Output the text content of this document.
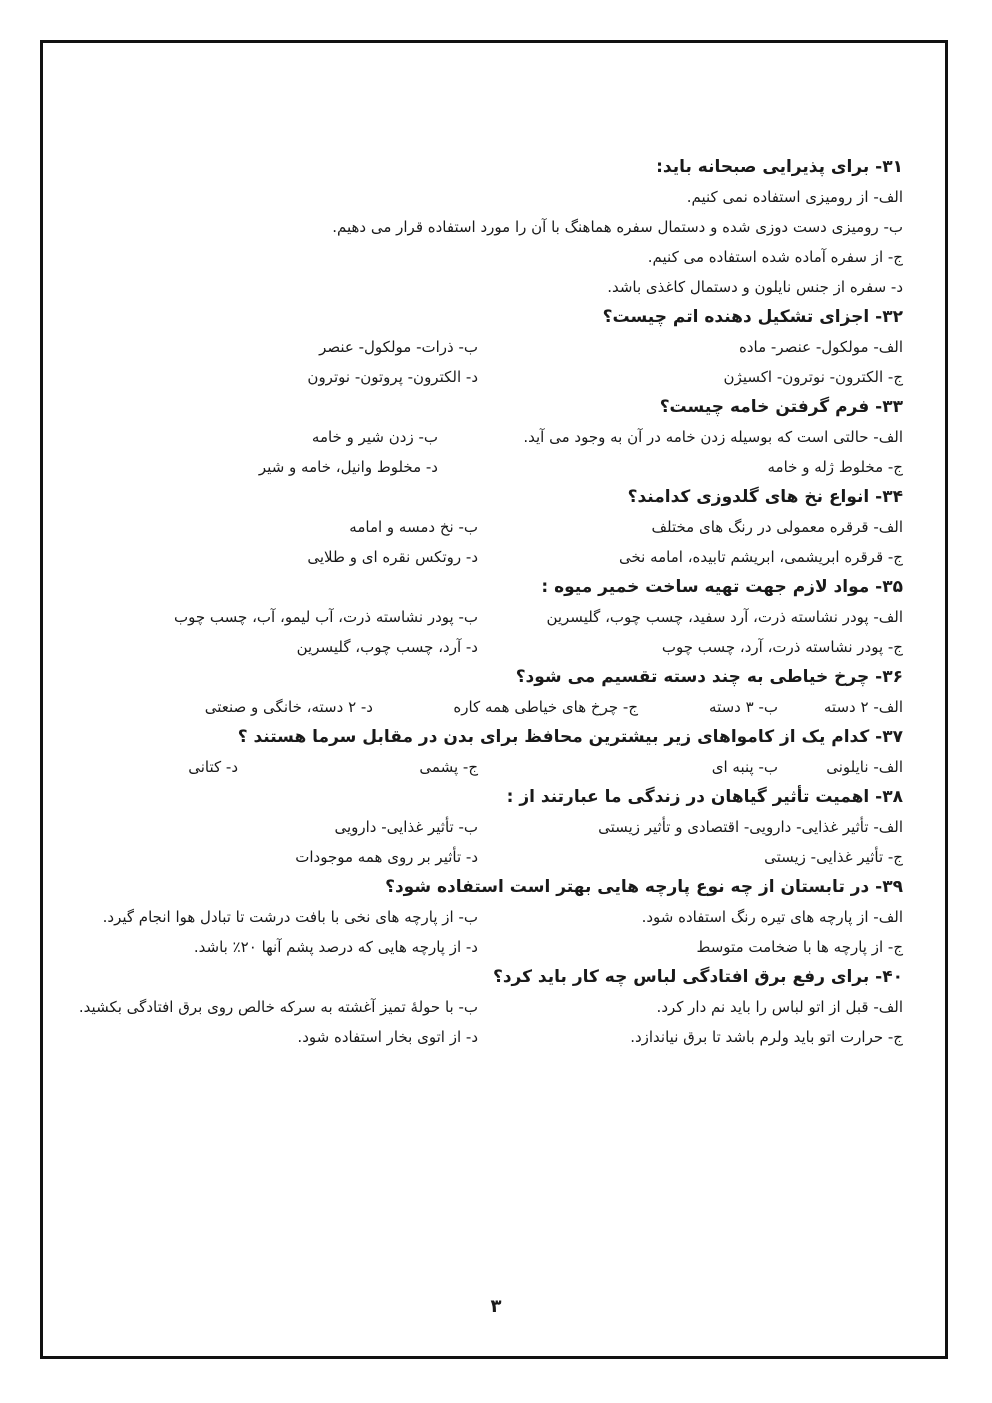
۳۱- برای پذیرایی صبحانه باید:
الف- از رومیزی استفاده نمی کنیم.
ب- رومیزی دست دوزی شده و دستمال سفره هماهنگ با آن را مورد استفاده قرار می دهیم.
ج- از سفره آماده شده استفاده می کنیم.
د- سفره از جنس نایلون و دستمال کاغذی باشد.
۳۲- اجزای تشکیل دهنده اتم چیست؟
الف- مولکول- عنصر- ماده
ب- ذرات- مولکول- عنصر
ج- الکترون- نوترون- اکسیژن
د- الکترون- پروتون- نوترون
۳۳- فرم گرفتن خامه چیست؟
الف- حالتی است که بوسیله زدن خامه در آن به وجود می آید.
ب- زدن شیر و خامه
ج- مخلوط ژله و خامه
د- مخلوط وانیل، خامه و شیر
۳۴- انواع نخ های گلدوزی کدامند؟
الف- قرقره معمولی در رنگ های مختلف
ب- نخ دمسه و امامه
ج- قرقره ابریشمی، ابریشم تابیده، امامه نخی
د- روتکس نقره ای و طلایی
۳۵- مواد لازم جهت تهیه ساخت خمیر میوه :
الف- پودر نشاسته ذرت، آرد سفید، چسب چوب، گلیسرین
ب- پودر نشاسته ذرت، آب لیمو، آب، چسب چوب
ج- پودر نشاسته ذرت، آرد، چسب چوب
د- آرد، چسب چوب، گلیسرین
۳۶- چرخ خیاطی به چند دسته تقسیم می شود؟
الف- ۲ دسته
ب- ۳ دسته
ج- چرخ های خیاطی همه کاره
د- ۲ دسته، خانگی و صنعتی
۳۷- کدام یک از کامواهای زیر بیشترین محافظ برای بدن در مقابل سرما هستند ؟
الف- نایلونی
ب- پنبه ای
ج- پشمی
د- کتانی
۳۸- اهمیت تأثیر گیاهان در زندگی ما عبارتند از :
الف- تأثیر غذایی- دارویی- اقتصادی و تأثیر زیستی
ب- تأثیر غذایی- دارویی
ج- تأثیر غذایی- زیستی
د- تأثیر بر روی همه موجودات
۳۹- در تابستان از چه نوع پارچه هایی بهتر است استفاده شود؟
الف- از پارچه های تیره رنگ استفاده شود.
ب- از پارچه های نخی با بافت درشت تا تبادل هوا انجام گیرد.
ج- از پارچه ها با ضخامت متوسط
د- از پارچه هایی که درصد پشم آنها ۲۰٪ باشد.
۴۰- برای رفع برق افتادگی لباس چه کار باید کرد؟
الف- قبل از اتو لباس را باید نم دار کرد.
ب- با حولۀ تمیز آغشته به سرکه خالص روی برق افتادگی بکشید.
ج- حرارت اتو باید ولرم باشد تا برق نیاندازد.
د- از اتوی بخار استفاده شود.
۳
